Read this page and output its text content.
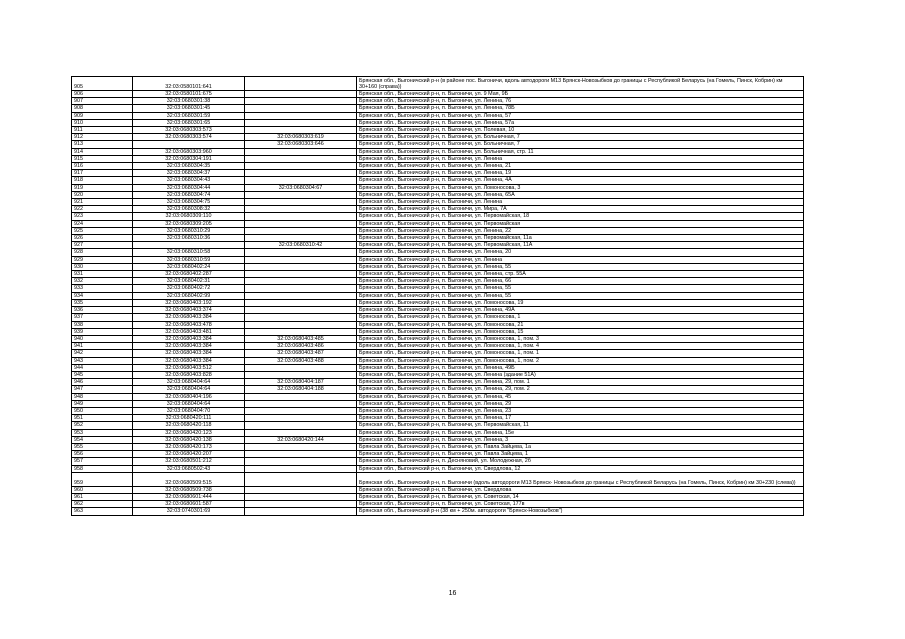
905	32:03:0580101:641		Брянская обл., Выгоничский р-н (в районе пос. Выгоничи, вдоль автодороги М13 Брянск-Новозыбков до границы с Республикой Беларусь (на Гомель, Пинск, Кобрин) км 30+160 (справа))
906	32:03:0580101:675		Брянская обл., Выгоничский р-н, п. Выгоничи, ул. 9 Мая, 9Б
907	32:03:0680301:38		Брянская обл., Выгоничский р-н, п. Выгоничи, ул. Ленина, 76
908	32:03:0680301:45		Брянская обл., Выгоничский р-н, п. Выгоничи, ул. Ленина, 78Б
909	32:03:0680301:59		Брянская обл., Выгоничский р-н, п. Выгоничи, ул. Ленина, 57
910	32:03:0680301:65		Брянская обл., Выгоничский р-н, п. Выгоничи, ул. Ленина, 57а
911	32:03:0680303:573		Брянская обл., Выгоничский р-н, п. Выгоничи, ул. Полевая, 10
912	32:03:0680303:574	32:03:0680303:619	Брянская обл., Выгоничский р-н, п. Выгоничи, ул. Больничная, 7
913		32:03:0680303:646	Брянская обл., Выгоничский р-н, п. Выгоничи, ул. Больничная, 7
914	32:03:0680303:960		Брянская обл., Выгоничский р-н, п. Выгоничи, ул. Больничная, стр. 11
915	32:03:0680304:191		Брянская обл., Выгоничский р-н, п. Выгоничи, ул. Ленина
916	32:03:0680304:35		Брянская обл., Выгоничский р-н, п. Выгоничи, ул. Ленина, 21
917	32:03:0680304:37		Брянская обл., Выгоничский р-н, п. Выгоничи, ул. Ленина, 19
918	32:03:0680304:43		Брянская обл., Выгоничский р-н, п. Выгоничи, ул. Ленина, 4А
919	32:03:0680304:44	32:03:0680304:67	Брянская обл., Выгоничский р-н, п. Выгоничи, ул. Ломоносова, 3
920	32:03:0680304:74		Брянская обл., Выгоничский р-н, п. Выгоничи, ул. Ленина, 65А
921	32:03:0680304:75		Брянская обл., Выгоничский р-н, п. Выгоничи, ул. Ленина
922	32:03:0680308:32		Брянская обл., Выгоничский р-н, п. Выгоничи, ул. Мира, 7А
923	32:03:0680309:110		Брянская обл., Выгоничский р-н, п. Выгоничи, ул. Первомайская, 18
924	32:03:0680309:205		Брянская обл., Выгоничский р-н, п. Выгоничи, ул. Первомайская
925	32:03:0680310:29		Брянская обл., Выгоничский р-н, п. Выгоничи, ул. Ленина, 22
926	32:03:0680310:36		Брянская обл., Выгоничский р-н, п. Выгоничи, ул. Первомайская, 11а
927		32:03:0680310:42	Брянская обл., Выгоничский р-н, п. Выгоничи, ул. Первомайская, 11А
928	32:03:0680310:58		Брянская обл., Выгоничский р-н, п. Выгоничи, ул. Ленина, 20
929	32:03:0680310:59		Брянская обл., Выгоничский р-н, п. Выгоничи, ул. Ленина
930	32:03:0680402:24		Брянская обл., Выгоничский р-н, п. Выгоничи, ул. Ленина, 55
931	32:03:0680402:287		Брянская обл., Выгоничский р-н, п. Выгоничи, ул. Ленина, стр. 55А
932	32:03:0680402:31		Брянская обл., Выгоничский р-н, п. Выгоничи, ул. Ленина, 66
933	32:03:0680402:72		Брянская обл., Выгоничский р-н, п. Выгоничи, ул. Ленина, 55
934	32:03:0680402:99		Брянская обл., Выгоничский р-н, п. Выгоничи, ул. Ленина, 55
935	32:03:0680403:192		Брянская обл., Выгоничский р-н, п. Выгоничи, ул. Ломоносова, 19
936	32:03:0680403:374		Брянская обл., Выгоничский р-н, п. Выгоничи, ул. Ленина, 49А
937	32:03:0680403:384		Брянская обл., Выгоничский р-н, п. Выгоничи, ул. Ломоносова, 1
938	32:03:0680403:478		Брянская обл., Выгоничский р-н, п. Выгоничи, ул. Ломоносова, 21
939	32:03:0680403:481		Брянская обл., Выгоничский р-н, п. Выгоничи, ул. Ломоносова, 15
940	32:03:0680403:384	32:03:0680403:485	Брянская обл., Выгоничский р-н, п. Выгоничи, ул. Ломоносова, 1, пом. 3
941	32:03:0680403:384	32:03:0680403:486	Брянская обл., Выгоничский р-н, п. Выгоничи, ул. Ломоносова, 1, пом. 4
942	32:03:0680403:384	32:03:0680403:487	Брянская обл., Выгоничский р-н, п. Выгоничи, ул. Ломоносова, 1, пом. 1
943	32:03:0680403:384	32:03:0680403:488	Брянская обл., Выгоничский р-н, п. Выгоничи, ул. Ломоносова, 1, пом. 2
944	32:03:0680403:512		Брянская обл., Выгоничский р-н, п. Выгоничи, ул. Ленина, 49Б
945	32:03:0680403:828		Брянская обл., Выгоничский р-н, п. Выгоничи, ул. Ленина (здание 51А)
946	32:03:0680404:64	32:03:0680404:187	Брянская обл., Выгоничский р-н, п. Выгоничи, ул. Ленина, 29, пом. 1
947	32:03:0680404:64	32:03:0680404:188	Брянская обл., Выгоничский р-н, п. Выгоничи, ул. Ленина, 29, пом. 2
948	32:03:0680404:196		Брянская обл., Выгоничский р-н, п. Выгоничи, ул. Ленина, 45
949	32:03:0680404:64		Брянская обл., Выгоничский р-н, п. Выгоничи, ул. Ленина, 29
950	32:03:0680404:70		Брянская обл., Выгоничский р-н, п. Выгоничи, ул. Ленина, 23
951	32:03:0680420:111		Брянская обл., Выгоничский р-н, п. Выгоничи, ул. Ленина, 17
952	32:03:0680420:118		Брянская обл., Выгоничский р-н, п. Выгоничи, ул. Первомайская, 11
953	32:03:0680420:123		Брянская обл., Выгоничский р-н, п. Выгоничи, ул. Ленина, 15е
954	32:03:0680420:138	32:03:0680420:144	Брянская обл., Выгоничский р-н, п. Выгоничи, ул. Ленина, 3
955	32:03:0680420:173		Брянская обл., Выгоничский р-н, п. Выгоничи, ул. Павла Зайцева, 1а
956	32:03:0680420:207		Брянская обл., Выгоничский р-н, п. Выгоничи, ул. Павла Зайцева, 1
957	32:03:0680501:212		Брянская обл., Выгоничский р-н, п. Десняновий, ул. Молодежная, 2б
958	32:03:0680502:43		Брянская обл., Выгоничский р-н, п. Выгоничи, ул. Свердлова, 12
959	32:03:0680509:515		Брянская обл., Выгоничский р-н, п. Выгоничи (вдоль автодороги М13 Брянск- Новозыбков до границы с Республикой Беларусь (на Гомель, Пинск, Кобрин) км 30+230 (слева))
960	32:03:0680509:738		Брянская обл., Выгоничский р-н, п. Выгоничи, ул. Свердлова
961	32:03:0680601:444		Брянская обл., Выгоничский р-н, п. Выгоничи, ул. Советская, 14
962	32:03:0680601:587		Брянская обл., Выгоничский р-н, п. Выгоничи, ул. Советская, 177в
963	32:03:0740301:69		Брянская обл., Выгоничский р-н (38 км + 250м. автодороги "Брянск-Новозыбков")
16
